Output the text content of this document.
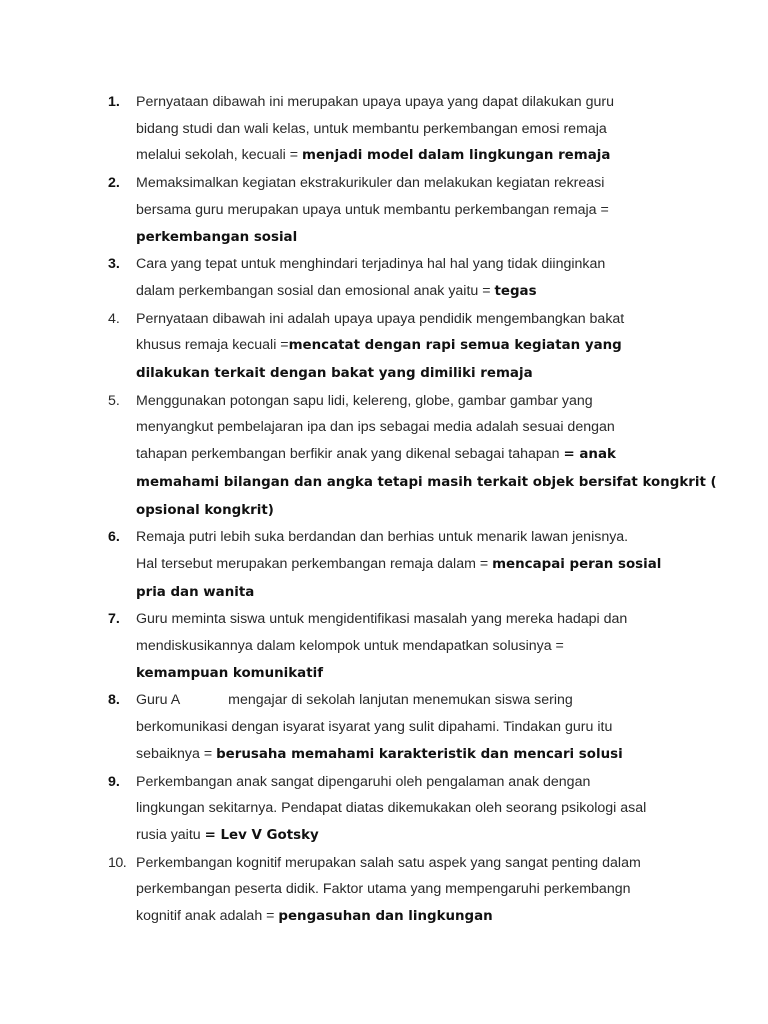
1.	Pernyataan dibawah ini merupakan upaya upaya yang dapat dilakukan guru
bidang studi dan wali kelas, untuk membantu perkembangan emosi remaja
melalui sekolah, kecuali = menjadi model dalam lingkungan remaja
2.	Memaksimalkan kegiatan ekstrakurikuler dan melakukan kegiatan rekreasi
bersama guru merupakan upaya untuk membantu perkembangan remaja =
perkembangan sosial
3.	Cara yang tepat untuk menghindari terjadinya hal hal yang tidak diinginkan
dalam perkembangan sosial dan emosional anak yaitu = tegas
4.	Pernyataan dibawah ini adalah upaya upaya pendidik mengembangkan bakat
khusus remaja kecuali =mencatat dengan rapi semua kegiatan yang
dilakukan terkait dengan bakat yang dimiliki remaja
5.	Menggunakan potongan sapu lidi, kelereng, globe, gambar gambar yang
menyangkut pembelajaran ipa dan ips sebagai media adalah sesuai dengan
tahapan perkembangan berfikir anak yang dikenal sebagai tahapan = anak
memahami bilangan dan angka tetapi masih terkait objek bersifat kongkrit (
opsional kongkrit)
6.	Remaja putri lebih suka berdandan dan berhias untuk menarik lawan jenisnya.
Hal tersebut merupakan perkembangan remaja dalam = mencapai peran sosial
pria dan wanita
7.	Guru meminta siswa untuk mengidentifikasi masalah yang mereka hadapi dan
mendiskusikannya dalam kelompok untuk mendapatkan solusinya =
kemampuan komunikatif
8.	Guru A	mengajar di sekolah lanjutan menemukan siswa sering
berkomunikasi dengan isyarat isyarat yang sulit dipahami. Tindakan guru itu
sebaiknya = berusaha memahami karakteristik dan mencari solusi
9.	Perkembangan anak sangat dipengaruhi oleh pengalaman anak dengan
lingkungan sekitarnya. Pendapat diatas dikemukakan oleh seorang psikologi asal
rusia yaitu = Lev V Gotsky
10. Perkembangan kognitif merupakan salah satu aspek yang sangat penting dalam
perkembangan peserta didik. Faktor utama yang mempengaruhi perkembangn
kognitif anak adalah = pengasuhan dan lingkungan
